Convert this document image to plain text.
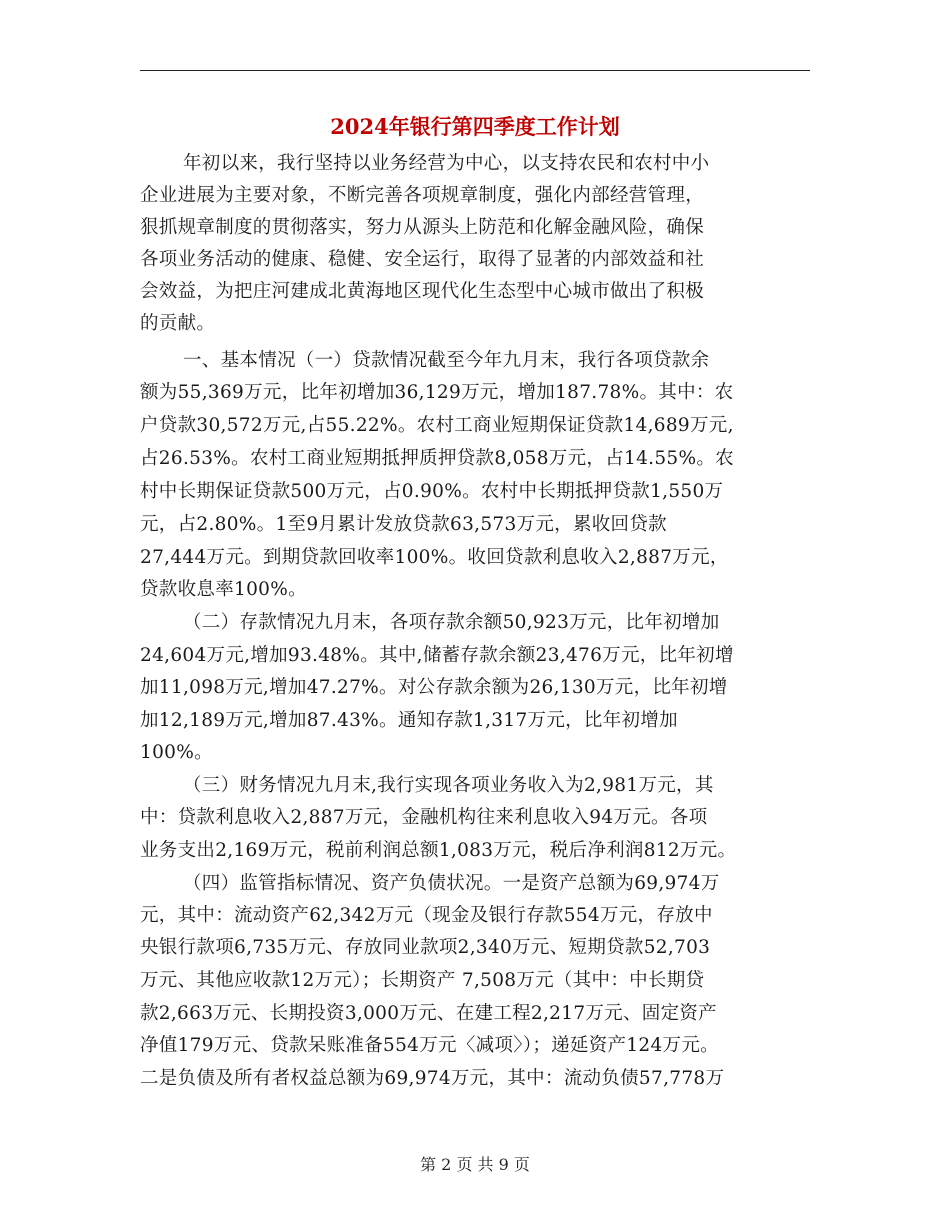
2024年银行第四季度工作计划
年初以来，我行坚持以业务经营为中心，以支持农民和农村中小
企业进展为主要对象，不断完善各项规章制度，强化内部经营管理，
狠抓规章制度的贯彻落实，努力从源头上防范和化解金融风险，确保
各项业务活动的健康、稳健、安全运行，取得了显著的内部效益和社
会效益，为把庄河建成北黄海地区现代化生态型中心城市做出了积极
的贡献。
一、基本情况（一）贷款情况截至今年九月末，我行各项贷款余
额为55,369万元，比年初增加36,129万元，增加187.78%。其中：农
户贷款30,572万元,占55.22%。农村工商业短期保证贷款14,689万元,
占26.53%。农村工商业短期抵押质押贷款8,058万元，占14.55%。农
村中长期保证贷款500万元，占0.90%。农村中长期抵押贷款1,550万
元，占2.80%。1至9月累计发放贷款63,573万元，累收回贷款
27,444万元。到期贷款回收率100%。收回贷款利息收入2,887万元，
贷款收息率100%。
（二）存款情况九月末，各项存款余额50,923万元，比年初增加
24,604万元,增加93.48%。其中,储蓄存款余额23,476万元，比年初增
加11,098万元,增加47.27%。对公存款余额为26,130万元，比年初增
加12,189万元,增加87.43%。通知存款1,317万元，比年初增加
100%。
（三）财务情况九月末,我行实现各项业务收入为2,981万元，其
中：贷款利息收入2,887万元，金融机构往来利息收入94万元。各项
业务支出2,169万元，税前利润总额1,083万元，税后净利润812万元。
（四）监管指标情况、资产负债状况。一是资产总额为69,974万
元，其中：流动资产62,342万元（现金及银行存款554万元，存放中
央银行款项6,735万元、存放同业款项2,340万元、短期贷款52,703
万元、其他应收款12万元）；长期资产 7,508万元（其中：中长期贷
款2,663万元、长期投资3,000万元、在建工程2,217万元、固定资产
净值179万元、贷款呆账准备554万元〈减项〉）；递延资产124万元。
二是负债及所有者权益总额为69,974万元，其中：流动负债57,778万
第 2 页 共 9 页
